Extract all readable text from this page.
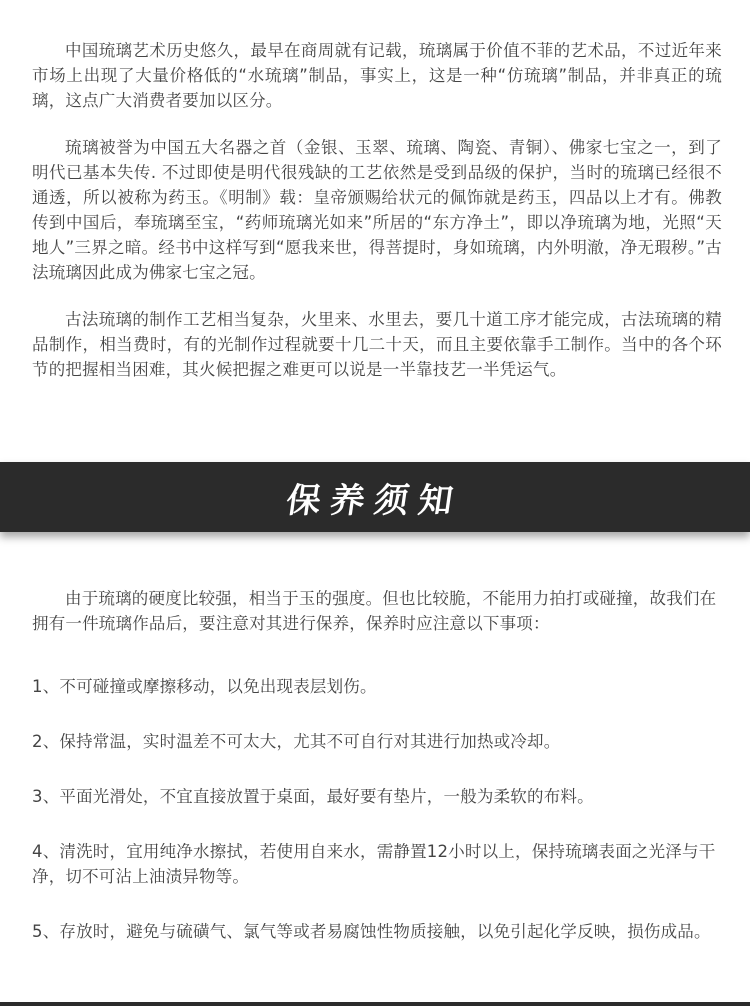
中国琉璃艺术历史悠久，最早在商周就有记载，琉璃属于价值不菲的艺术品，不过近年来市场上出现了大量价格低的“水琉璃”制品，事实上，这是一种“仿琉璃”制品，并非真正的琉璃，这点广大消费者要加以区分。

琉璃被誉为中国五大名器之首（金银、玉翠、琉璃、陶瓷、青铜）、佛家七宝之一，到了明代已基本失传. 不过即使是明代很残缺的工艺依然是受到品级的保护，当时的琉璃已经很不通透，所以被称为药玉。《明制》载：皇帝颁赐给状元的佩饰就是药玉，四品以上才有。佛教传到中国后，奉琉璃至宝，“药师琉璃光如来”所居的“东方净土”，即以净琉璃为地，光照“天地人”三界之暗。经书中这样写到“愿我来世，得菩提时，身如琉璃，内外明澈，净无瑕秽。”古法琉璃因此成为佛家七宝之冠。

古法琉璃的制作工艺相当复杂，火里来、水里去，要几十道工序才能完成，古法琉璃的精品制作，相当费时，有的光制作过程就要十几二十天，而且主要依靠手工制作。当中的各个环节的把握相当困难，其火候把握之难更可以说是一半靠技艺一半凭运气。

保养须知

由于琉璃的硬度比较强，相当于玉的强度。但也比较脆，不能用力拍打或碰撞，故我们在拥有一件琉璃作品后，要注意对其进行保养，保养时应注意以下事项：

1、不可碰撞或摩擦移动，以免出现表层划伤。

2、保持常温，实时温差不可太大，尤其不可自行对其进行加热或冷却。

3、平面光滑处，不宜直接放置于桌面，最好要有垫片，一般为柔软的布料。

4、清洗时，宜用纯净水擦拭，若使用自来水，需静置12小时以上，保持琉璃表面之光泽与干净，切不可沾上油渍异物等。

5、存放时，避免与硫磺气、氯气等或者易腐蚀性物质接触，以免引起化学反映，损伤成品。
